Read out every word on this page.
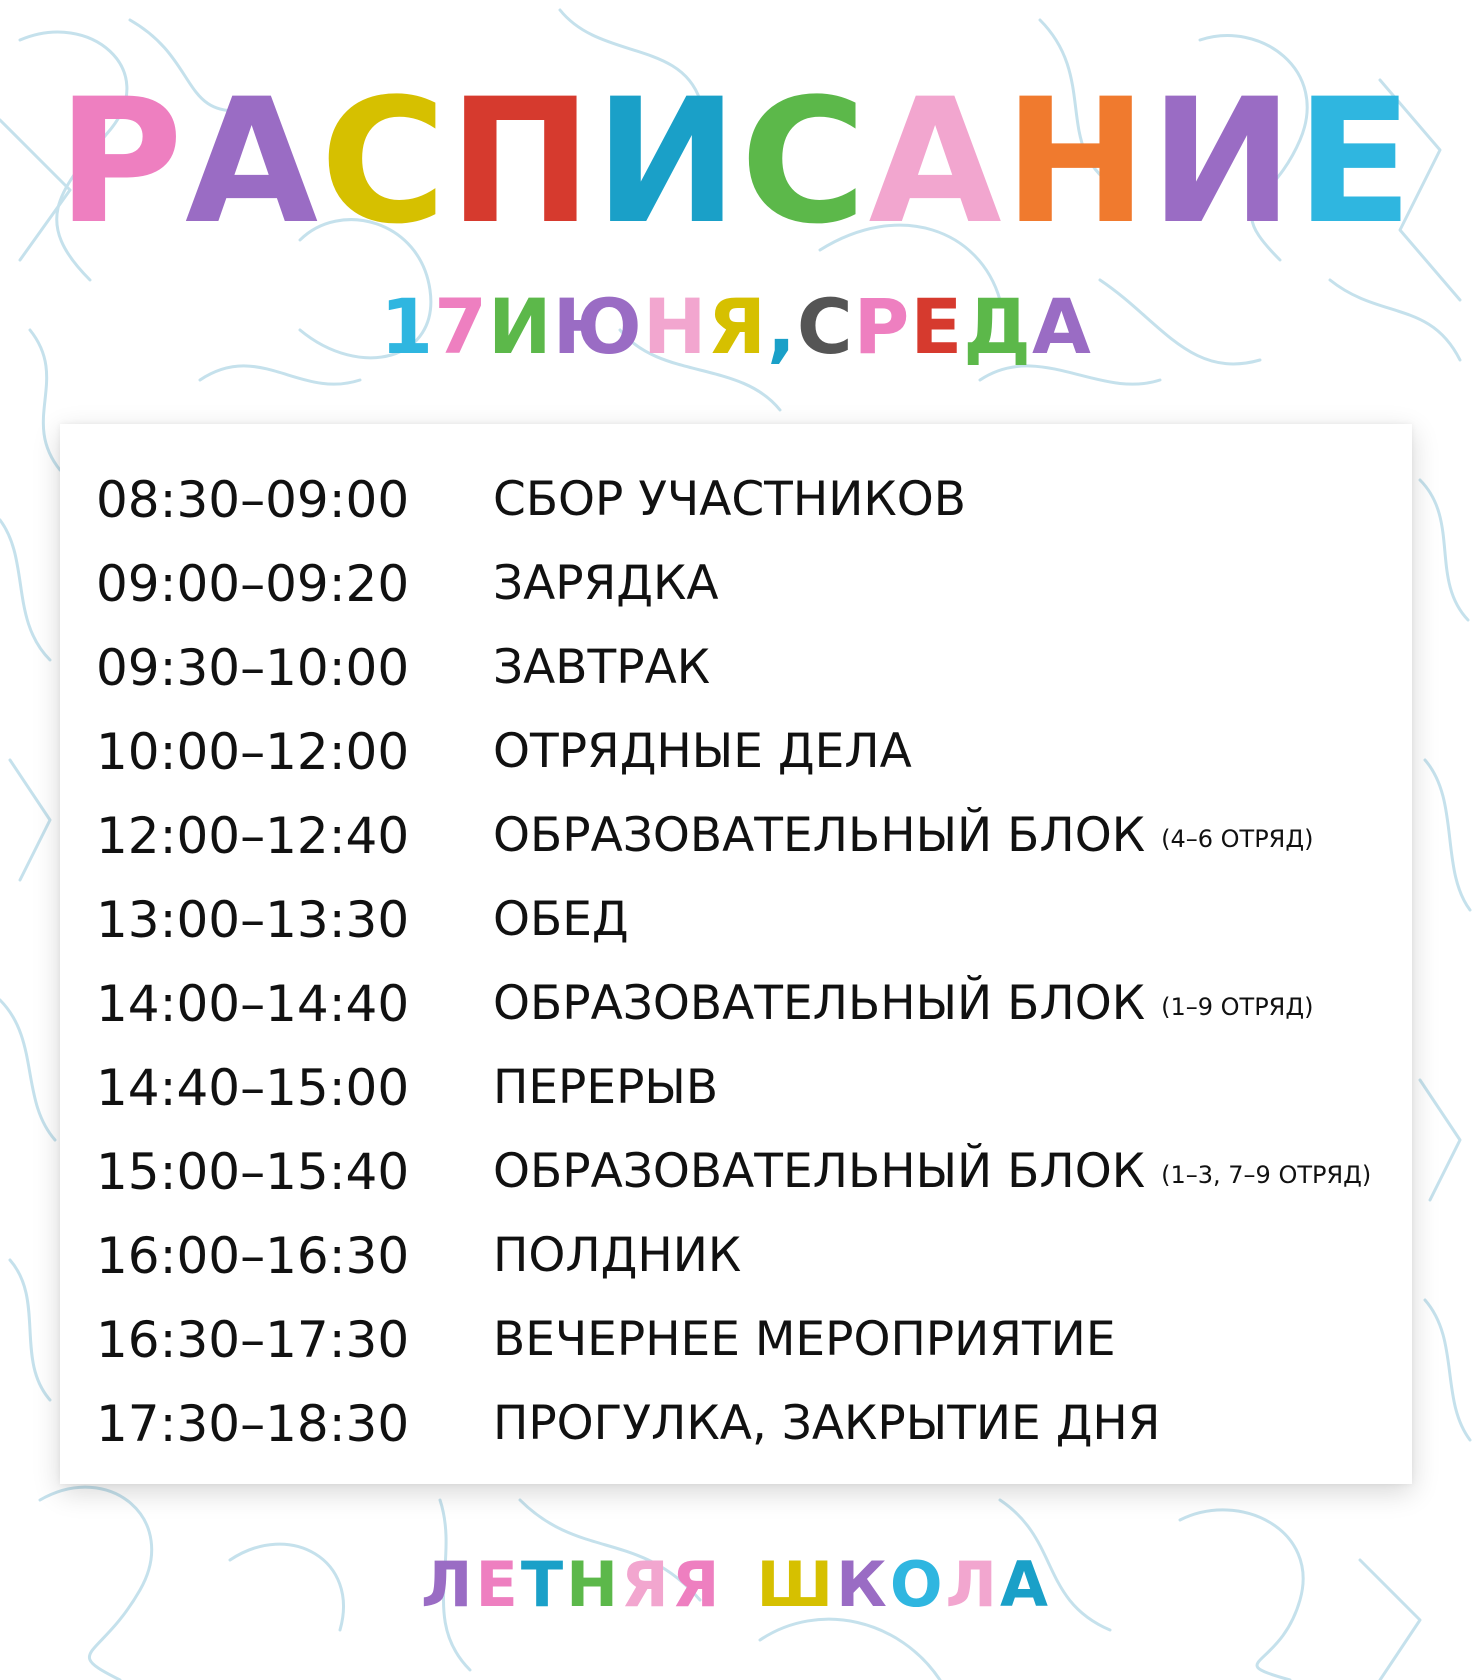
Р А С П И С А Н И Е
1 7 И Ю Н Я , С Р Е Д А
08:30–09:00 СБОР УЧАСТНИКОВ
09:00–09:20 ЗАРЯДКА
09:30–10:00 ЗАВТРАК
10:00–12:00 ОТРЯДНЫЕ ДЕЛА
12:00–12:40 ОБРАЗОВАТЕЛЬНЫЙ БЛОК (4–6 ОТРЯД)
13:00–13:30 ОБЕД
14:00–14:40 ОБРАЗОВАТЕЛЬНЫЙ БЛОК (1–9 ОТРЯД)
14:40–15:00 ПЕРЕРЫВ
15:00–15:40 ОБРАЗОВАТЕЛЬНЫЙ БЛОК (1–3, 7–9 ОТРЯД)
16:00–16:30 ПОЛДНИК
16:30–17:30 ВЕЧЕРНЕЕ МЕРОПРИЯТИЕ
17:30–18:30 ПРОГУЛКА, ЗАКРЫТИЕ ДНЯ
Л Е Т Н Я Я Ш К О Л А
